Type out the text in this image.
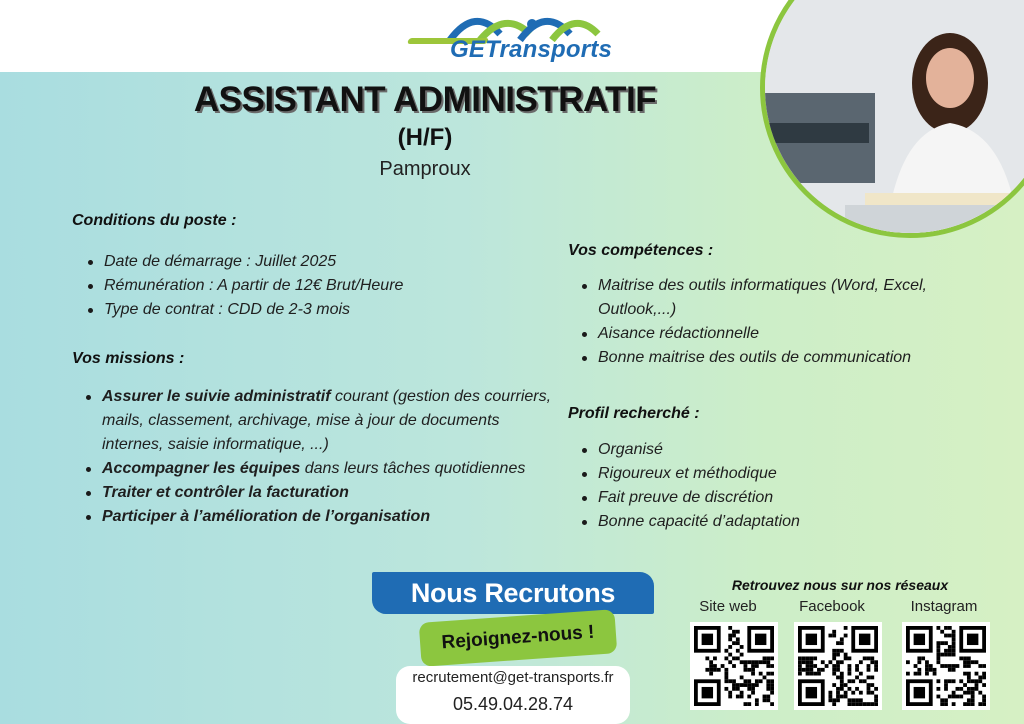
GETransports
ASSISTANT ADMINISTRATIF
(H/F)
Pamproux
Conditions du poste :
Date de démarrage : Juillet 2025
Rémunération : A partir de 12€ Brut/Heure
Type de contrat : CDD de 2-3 mois
Vos missions :
Assurer le suivie administratif courant (gestion des courriers, mails, classement, archivage, mise à jour de documents internes, saisie informatique, ...)
Accompagner les équipes dans leurs tâches quotidiennes
Traiter et contrôler la facturation
Participer à l’amélioration de l’organisation
Vos compétences :
Maitrise des outils informatiques (Word, Excel, Outlook,...)
Aisance rédactionnelle
Bonne maitrise des outils de communication
Profil recherché :
Organisé
Rigoureux et méthodique
Fait preuve de discrétion
Bonne capacité d’adaptation
Nous Recrutons
Rejoignez-nous !
recrutement@get-transports.fr
05.49.04.28.74
Retrouvez nous sur nos réseaux
Site web	Facebook	Instagram
